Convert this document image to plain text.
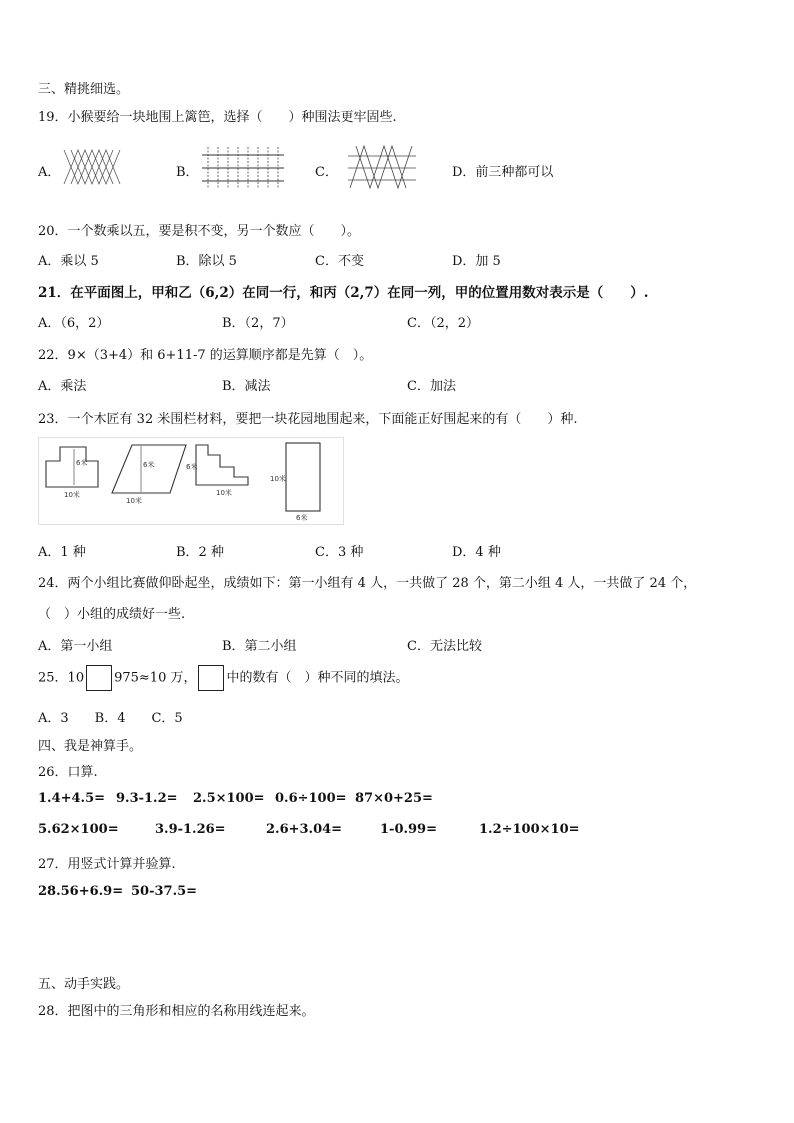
三、精挑细选。
19．小猴要给一块地围上篱笆，选择（　　）种围法更牢固些.
A．	B．	C．	D．前三种都可以
20．一个数乘以五，要是积不变，另一个数应（　　）。
A．乘以 5	B．除以 5	C．不变	D．加 5
21．在平面图上，甲和乙（6,2）在同一行，和丙（2,7）在同一列，甲的位置用数对表示是（　　）.
A．（6，2）	B．（2，7）	C．（2，2）
22．9×（3+4）和 6+11-7 的运算顺序都是先算（　）。
A．乘法	B．减法	C．加法
23．一个木匠有 32 米围栏材料，要把一块花园地围起来，下面能正好围起来的有（　　）种.
6米
10米
6米
10米
6米
10米
10米
6米
A．1 种	B．2 种	C．3 种	D．4 种
24．两个小组比赛做仰卧起坐，成绩如下：第一小组有 4 人，一共做了 28 个，第二小组 4 人，一共做了 24 个，
（　）小组的成绩好一些.
A．第一小组	B．第二小组	C．无法比较
25．10 975≈10 万， 中的数有（　）种不同的填法。
A．3　　B．4　　C．5
四、我是神算手。
26．口算.
1.4+4.5= 9.3-1.2= 2.5×100= 0.6÷100= 87×0+25=
5.62×100=	3.9-1.26=	2.6+3.04=	1-0.99=	1.2÷100×10=
27．用竖式计算并验算.
28.56+6.9= 50-37.5=
五、动手实践。
28．把图中的三角形和相应的名称用线连起来。
